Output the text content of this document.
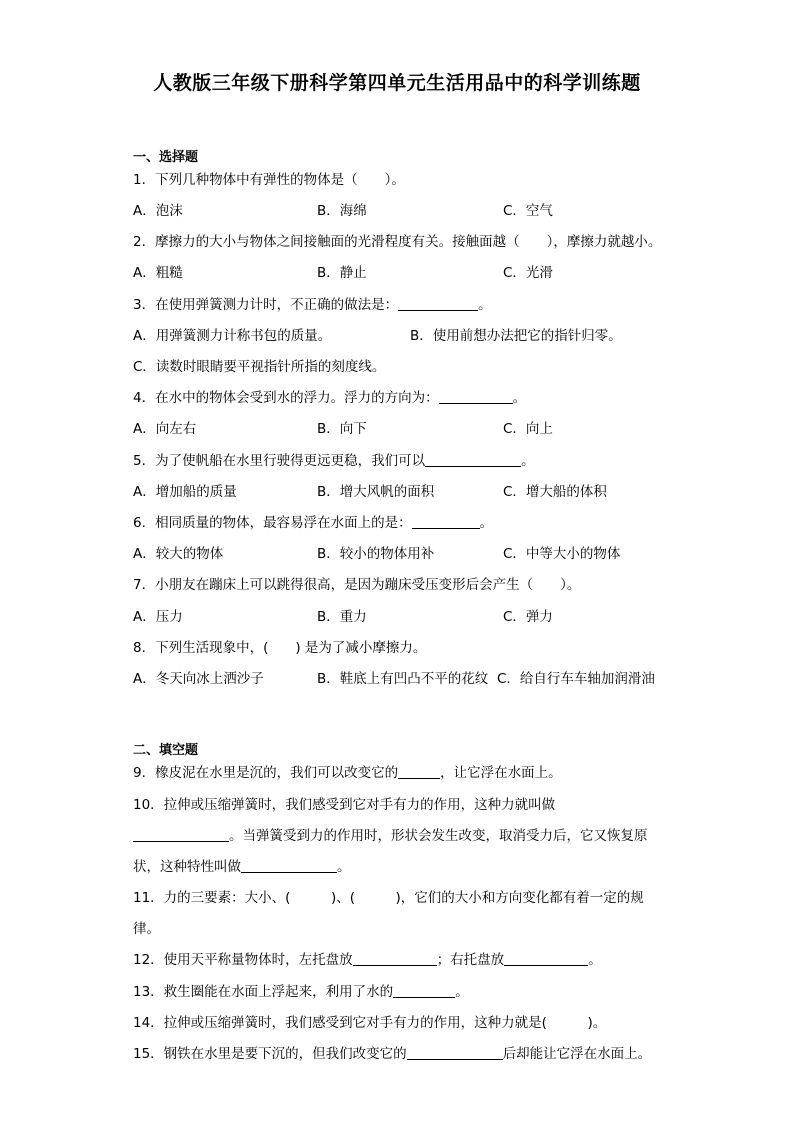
人教版三年级下册科学第四单元生活用品中的科学训练题
一、选择题
1．下列几种物体中有弹性的物体是（　　）。
A．泡沫	B．海绵	C．空气
2．摩擦力的大小与物体之间接触面的光滑程度有关。接触面越（　　），摩擦力就越小。
A．粗糙	B．静止	C．光滑
3．在使用弹簧测力计时，不正确的做法是：	。
A．用弹簧测力计称书包的质量。	B．使用前想办法把它的指针归零。
C．读数时眼睛要平视指针所指的刻度线。
4．在水中的物体会受到水的浮力。浮力的方向为：	。
A．向左右	B．向下	C．向上
5．为了使帆船在水里行驶得更远更稳，我们可以	。
A．增加船的质量	B．增大风帆的面积	C．增大船的体积
6．相同质量的物体，最容易浮在水面上的是：	。
A．较大的物体	B．较小的物体用补	C．中等大小的物体
7．小朋友在蹦床上可以跳得很高，是因为蹦床受压变形后会产生（　　）。
A．压力	B．重力	C．弹力
8．下列生活现象中，(　　) 是为了减小摩擦力。
A．冬天向冰上洒沙子	B．鞋底上有凹凸不平的花纹 C．给自行车车轴加润滑油
二、填空题
9．橡皮泥在水里是沉的，我们可以改变它的	，让它浮在水面上。
10．拉伸或压缩弹簧时，我们感受到它对手有力的作用，这种力就叫做
。当弹簧受到力的作用时，形状会发生改变，取消受力后，它又恢复原
状，这种特性叫做	。
11．力的三要素：大小、(　　　)、(　　　)，它们的大小和方向变化都有着一定的规
律。
12．使用天平称量物体时，左托盘放	；右托盘放	。
13．救生圈能在水面上浮起来，利用了水的	。
14．拉伸或压缩弹簧时，我们感受到它对手有力的作用，这种力就是(　　　)。
15．钢铁在水里是要下沉的，但我们改变它的	后却能让它浮在水面上。
